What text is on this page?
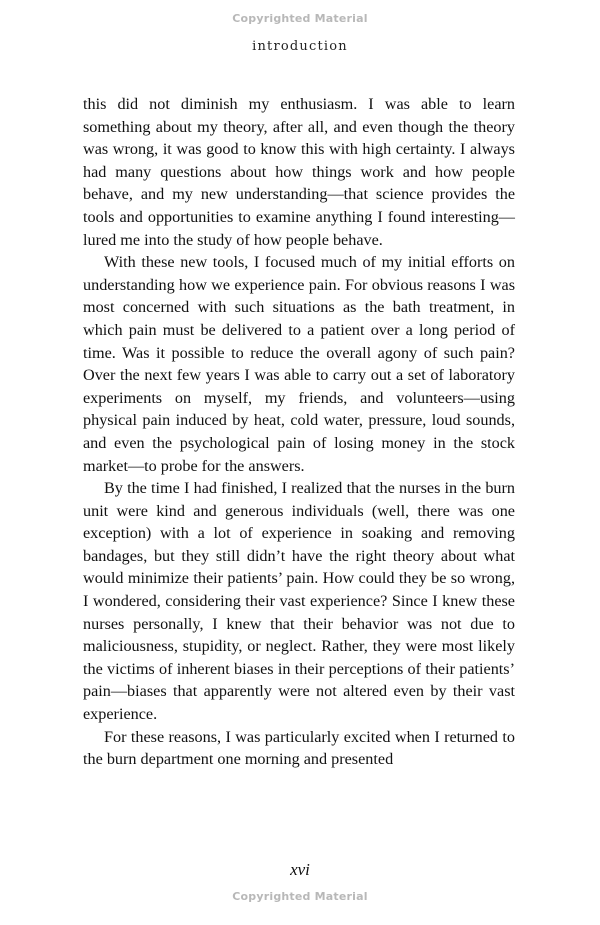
Copyrighted Material
introduction

this did not diminish my enthusiasm. I was able to learn something about my theory, after all, and even though the theory was wrong, it was good to know this with high certainty. I always had many questions about how things work and how people behave, and my new understanding—that science provides the tools and opportunities to examine anything I found interesting—lured me into the study of how people behave.

With these new tools, I focused much of my initial efforts on understanding how we experience pain. For obvious reasons I was most concerned with such situations as the bath treatment, in which pain must be delivered to a patient over a long period of time. Was it possible to reduce the overall agony of such pain? Over the next few years I was able to carry out a set of laboratory experiments on myself, my friends, and volunteers—using physical pain induced by heat, cold water, pressure, loud sounds, and even the psychological pain of losing money in the stock market—to probe for the answers.

By the time I had finished, I realized that the nurses in the burn unit were kind and generous individuals (well, there was one exception) with a lot of experience in soaking and removing bandages, but they still didn’t have the right theory about what would minimize their patients’ pain. How could they be so wrong, I wondered, considering their vast experience? Since I knew these nurses personally, I knew that their behavior was not due to maliciousness, stupidity, or neglect. Rather, they were most likely the victims of inherent biases in their perceptions of their patients’ pain—biases that apparently were not altered even by their vast experience.

For these reasons, I was particularly excited when I returned to the burn department one morning and presented

xvi
Copyrighted Material
